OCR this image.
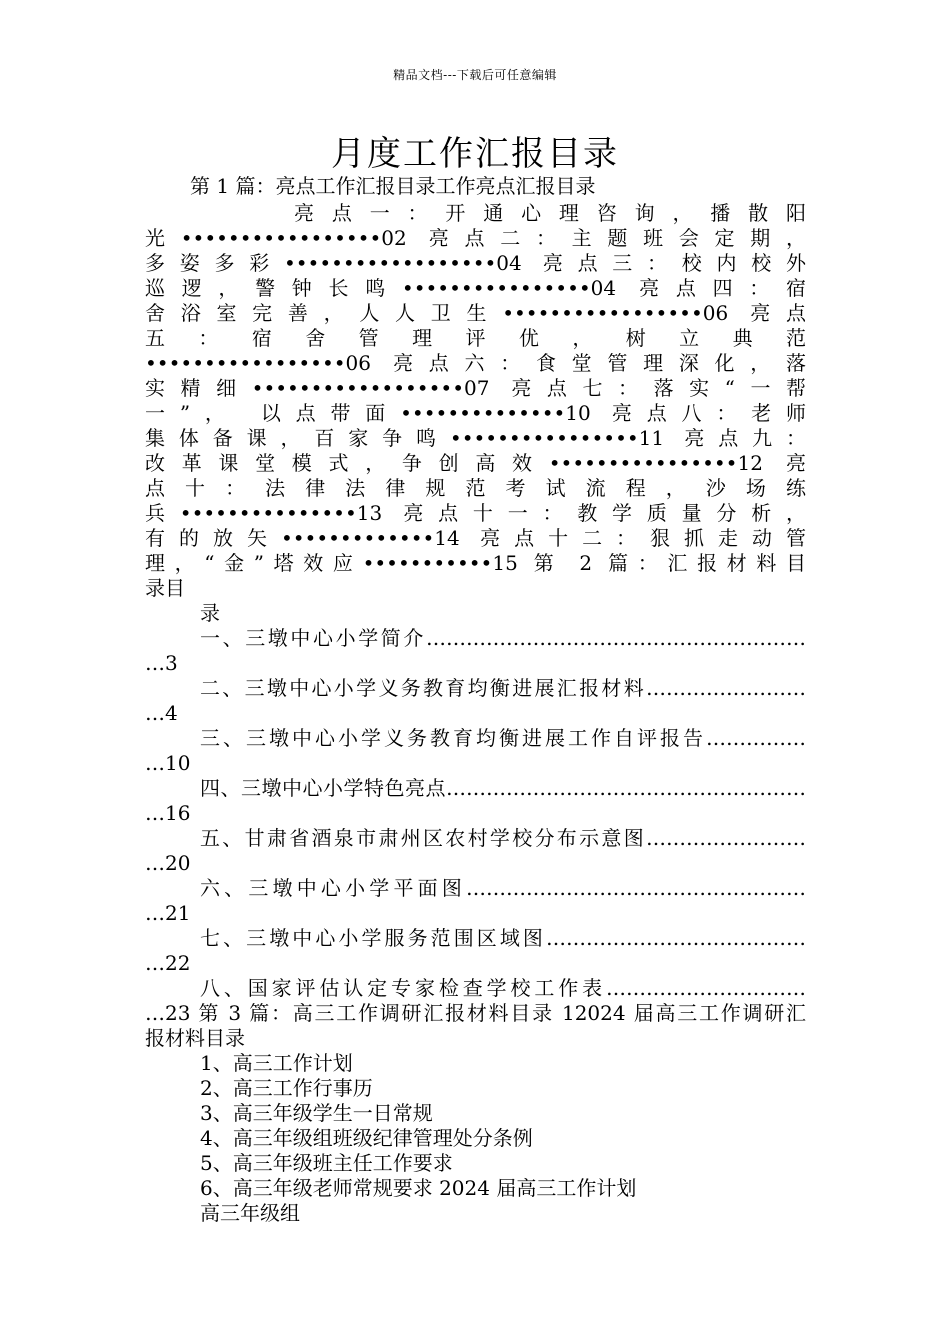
精品文档---下载后可任意编辑
月度工作汇报目录
第 1 篇：亮点工作汇报目录工作亮点汇报目录
亮 点 一 ： 开 通 心 理 咨 询 ， 播 散 阳
光•••••••••••••••••02 亮点二：主题班会定期，
多姿多彩••••••••••••••••••04 亮点三：校内校外
巡逻，警钟长鸣••••••••••••••••04 亮点四：宿
舍浴室完善，人人卫生•••••••••••••••••06 亮点
五 ： 宿 舍 管 理 评 优 ， 树 立 典 范
•••••••••••••••••06 亮点六：食堂管理深化，落
实精细••••••••••••••••••07 亮点七：落实“一帮
一”， 以点带面••••••••••••••10 亮点八：老师
集体备课，百家争鸣••••••••••••••••11 亮点九：
改革课堂模式，争创高效••••••••••••••••12 亮
点 十 ： 法 律 法 律 规 范 考 试 流 程 ， 沙 场 练
兵•••••••••••••••13 亮点十一：教学质量分析，
有的放矢•••••••••••••14 亮点十二：狠抓走动管
理，“金”塔效应•••••••••••15 第 2 篇：汇报材料目
录目
录
一、三墩中心小学简介…………………………………………………
…3
二、三墩中心小学义务教育均衡进展汇报材料……………………
…4
三、三墩中心小学义务教育均衡进展工作自评报告……………
…10
四、三墩中心小学特色亮点………………………………………………
…16
五、甘肃省酒泉市肃州区农村学校分布示意图……………………
…20
六、三墩中心小学平面图……………………………………………
…21
七、三墩中心小学服务范围区域图…………………………………
…22
八、国家评估认定专家检查学校工作表…………………………
…23 第 3 篇：高三工作调研汇报材料目录 12024 届高三工作调研汇
报材料目录
1、高三工作计划
2、高三工作行事历
3、高三年级学生一日常规
4、高三年级组班级纪律管理处分条例
5、高三年级班主任工作要求
6、高三年级老师常规要求 2024 届高三工作计划
高三年级组
